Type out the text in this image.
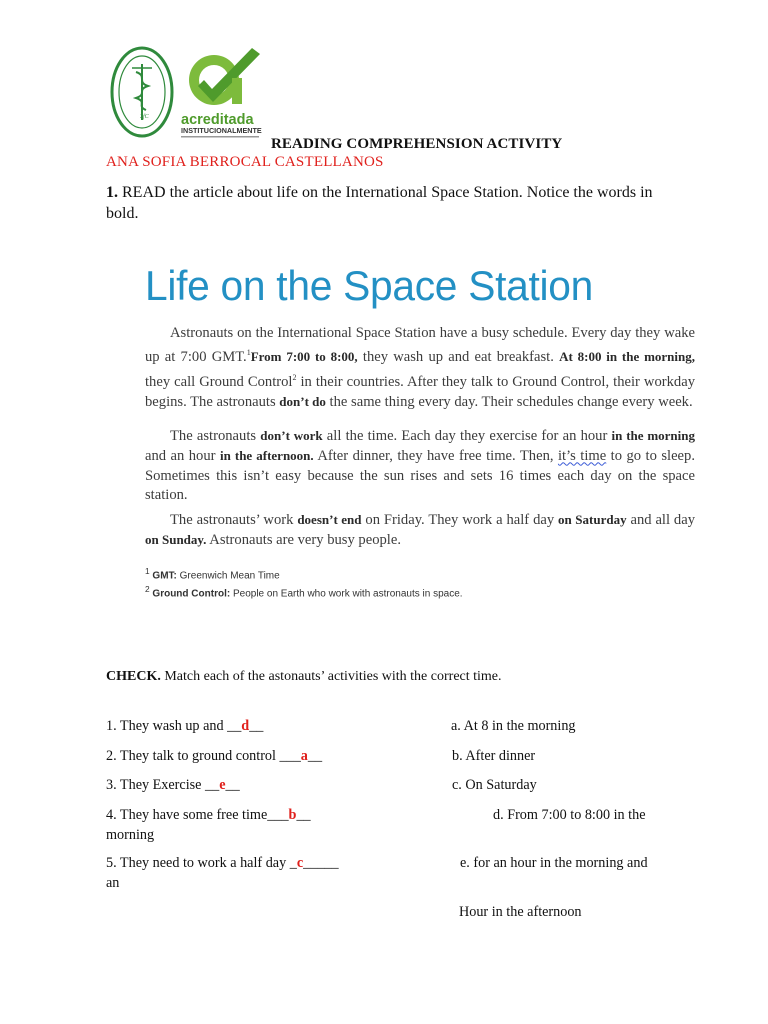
3fC acreditada
INSTITUCIONALMENTE
READING COMPREHENSION ACTIVITY
ANA SOFIA BERROCAL CASTELLANOS
1. READ the article about life on the International Space Station. Notice the words in bold.
Life on the Space Station
Astronauts on the International Space Station have a busy schedule. Every day they wake up at 7:00 GMT.$^1$From 7:00 to 8:00, they wash up and eat breakfast. At 8:00 in the morning, they call Ground Control$^2$ in their countries. After they talk to Ground Control, their workday begins. The astronauts don’t do the same thing every day. Their schedules change every week.
The astronauts don’t work all the time. Each day they exercise for an hour in the morning and an hour in the afternoon. After dinner, they have free time. Then, it’s time to go to sleep. Sometimes this isn’t easy because the sun rises and sets 16 times each day on the space station.
The astronauts’ work doesn’t end on Friday. They work a half day on Saturday and all day on Sunday. Astronauts are very busy people.
$^1$ GMT: Greenwich Mean Time
$^2$ Ground Control: People on Earth who work with astronauts in space.
CHECK. Match each of the astonauts’ activities with the correct time.
1. They wash up and __d__
2. They talk to ground control ___a__
3. They Exercise __e__
4. They have some free time___b__
morning
5. They need to work a half day _c_____
an
a. At 8 in the morning
b. After dinner
c. On Saturday
d. From 7:00 to 8:00 in the
e. for an hour in the morning and
Hour in the afternoon
